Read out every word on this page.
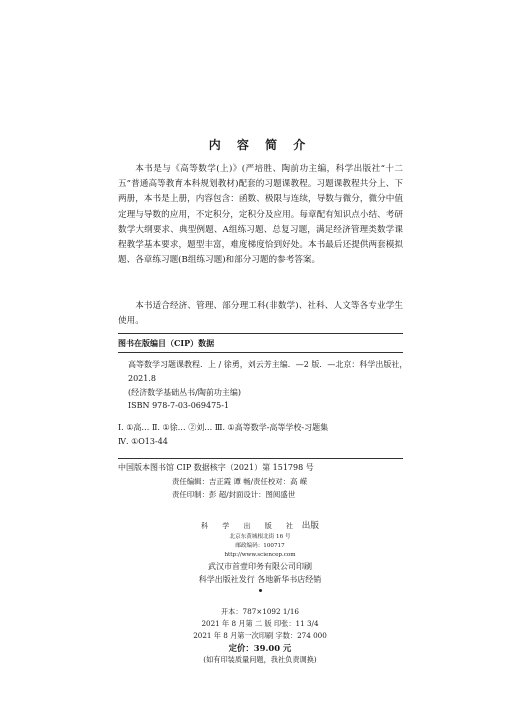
内 容 简 介

本书是与《高等数学(上)》(严培胜、陶前功主编，科学出版社“十二五”普通高等教育本科规划教材)配套的习题课教程。习题课教程共分上、下两册，本书是上册，内容包含：函数、极限与连续，导数与微分，微分中值定理与导数的应用，不定积分，定积分及应用。每章配有知识点小结、考研数学大纲要求、典型例题、A组练习题、总复习题，满足经济管理类数学课程教学基本要求，题型丰富，难度梯度恰到好处。本书最后还提供两套模拟题、各章练习题(B组练习题)和部分习题的参考答案。

本书适合经济、管理、部分理工科(非数学)、社科、人文等各专业学生使用。

图书在版编目（CIP）数据
高等数学习题课教程．上 / 徐勇，刘云芳主编．—2 版．—北京：科学出版社，
2021.8
(经济数学基础丛书/陶前功主编)
ISBN 978-7-03-069475-1
Ⅰ. ①高… Ⅱ. ①徐… ②刘… Ⅲ. ①高等数学-高等学校-习题集
Ⅳ. ①O13-44
中国版本图书馆 CIP 数据核字（2021）第 151798 号
责任编辑：吉正霞 谭 畅/责任校对：高 嵘
责任印制：彭 超/封面设计：图阅盛世
科 学 出 版 社 出版
北京东黄城根北街 16 号
邮政编码：100717
http://www.sciencep.com
武汉市首壹印务有限公司印刷
科学出版社发行 各地新华书店经销
开本：787×1092 1/16
2021 年 8 月第 二 版 印张：11 3/4
2021 年 8 月第一次印刷 字数：274 000
定价：39.00 元
(如有印装质量问题，我社负责调换)
